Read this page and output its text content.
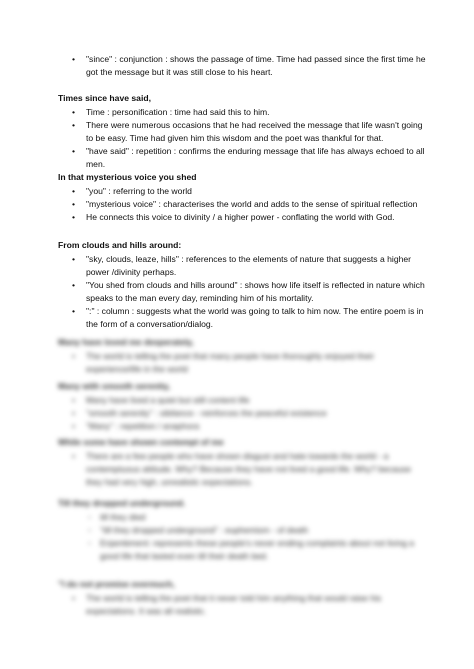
• "since" : conjunction : shows the passage of time. Time had passed since the first time he got the message but it was still close to his heart.
Times since have said,
• Time : personification : time had said this to him.
• There were numerous occasions that he had received the message that life wasn't going to be easy. Time had given him this wisdom and the poet was thankful for that.
• "have said" : repetition : confirms the enduring message that life has always echoed to all men.
In that mysterious voice you shed
• "you" : referring to the world
• "mysterious voice" : characterises the world and adds to the sense of spiritual reflection
• He connects this voice to divinity / a higher power - conflating the world with God.
From clouds and hills around:
• "sky, clouds, leaze, hills" : references to the elements of nature that suggests a higher power /divinity perhaps.
• "You shed from clouds and hills around" : shows how life itself is reflected in nature which speaks to the man every day, reminding him of his mortality.
• ":" : column : suggests what the world was going to talk to him now. The entire poem is in the form of a conversation/dialog.
Many have loved me desperately,
• The world is telling the poet that many people have thoroughly enjoyed their experience/life in the world
Many with smooth serenity,
• Many have lived a quiet but still content life
• "smooth serenity" : sibilance - reinforces the peaceful existence
• "Many" : repetition / anaphora
While some have shown contempt of me
• There are a few people who have shown disgust and hate towards the world - a contemptuous attitude. Why? Because they have not lived a good life. Why? because they had very high, unrealistic expectations.
Till they dropped underground.
◦ till they died
◦ "till they dropped underground" : euphemism - of death
◦ Enjambment: represents these people's never ending complaints about not living a good life that lasted even till their death bed.
"I do not promise overmuch,
• The world is telling the poet that it never told him anything that would raise his expectations. It was all realistic.
